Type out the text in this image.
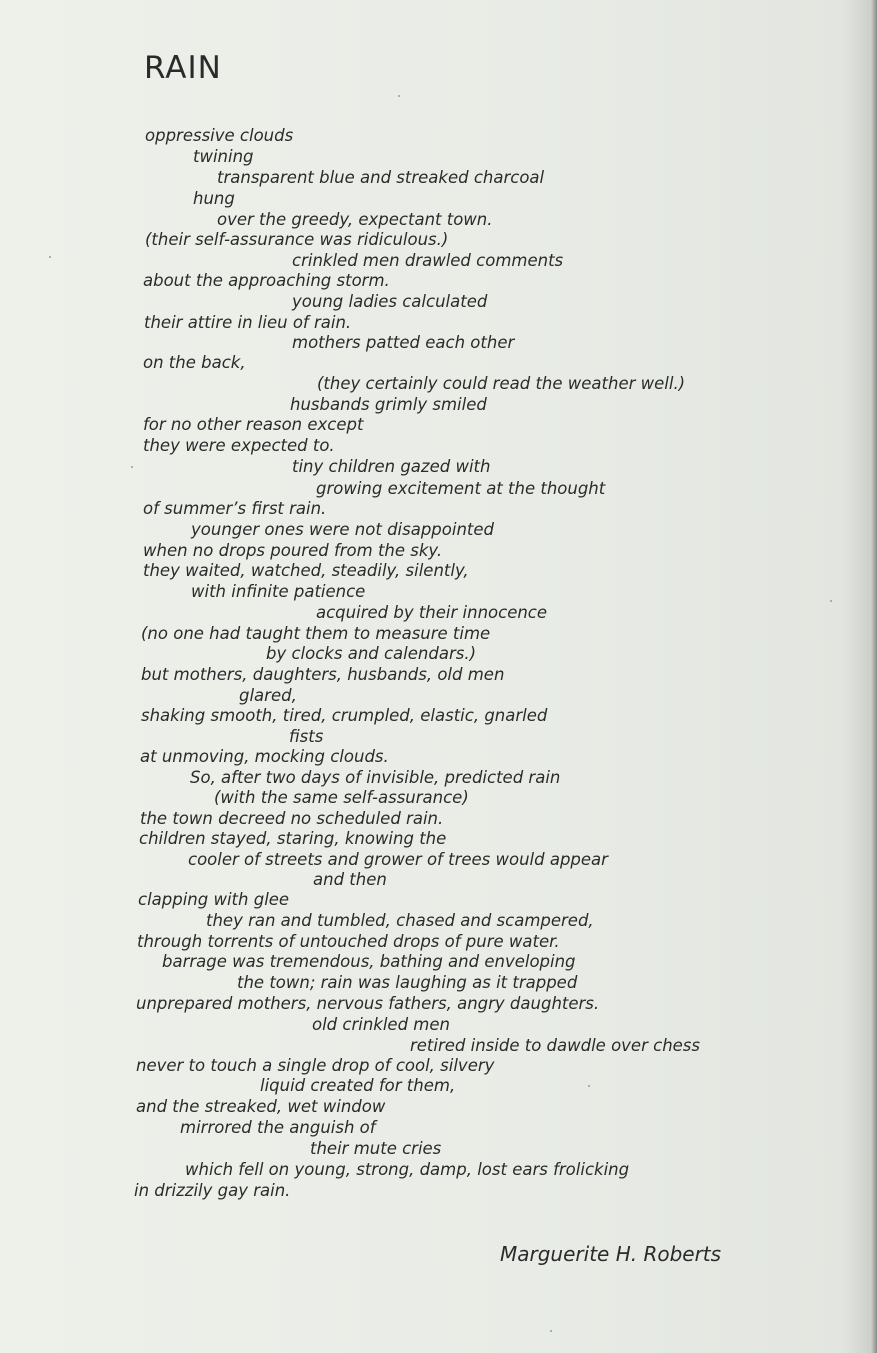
RAIN
oppressive clouds
twining
transparent blue and streaked charcoal
hung
over the greedy, expectant town.
(their self-assurance was ridiculous.)
crinkled men drawled comments
about the approaching storm.
young ladies calculated
their attire in lieu of rain.
mothers patted each other
on the back,
(they certainly could read the weather well.)
husbands grimly smiled
for no other reason except
they were expected to.
tiny children gazed with
growing excitement at the thought
of summer’s first rain.
younger ones were not disappointed
when no drops poured from the sky.
they waited, watched, steadily, silently,
with infinite patience
acquired by their innocence
(no one had taught them to measure time
by clocks and calendars.)
but mothers, daughters, husbands, old men
glared,
shaking smooth, tired, crumpled, elastic, gnarled
fists
at unmoving, mocking clouds.
So, after two days of invisible, predicted rain
(with the same self-assurance)
the town decreed no scheduled rain.
children stayed, staring, knowing the
cooler of streets and grower of trees would appear
and then
clapping with glee
they ran and tumbled, chased and scampered,
through torrents of untouched drops of pure water.
barrage was tremendous, bathing and enveloping
the town; rain was laughing as it trapped
unprepared mothers, nervous fathers, angry daughters.
old crinkled men
retired inside to dawdle over chess
never to touch a single drop of cool, silvery
liquid created for them,
and the streaked, wet window
mirrored the anguish of
their mute cries
which fell on young, strong, damp, lost ears frolicking
in drizzily gay rain.
Marguerite H. Roberts
